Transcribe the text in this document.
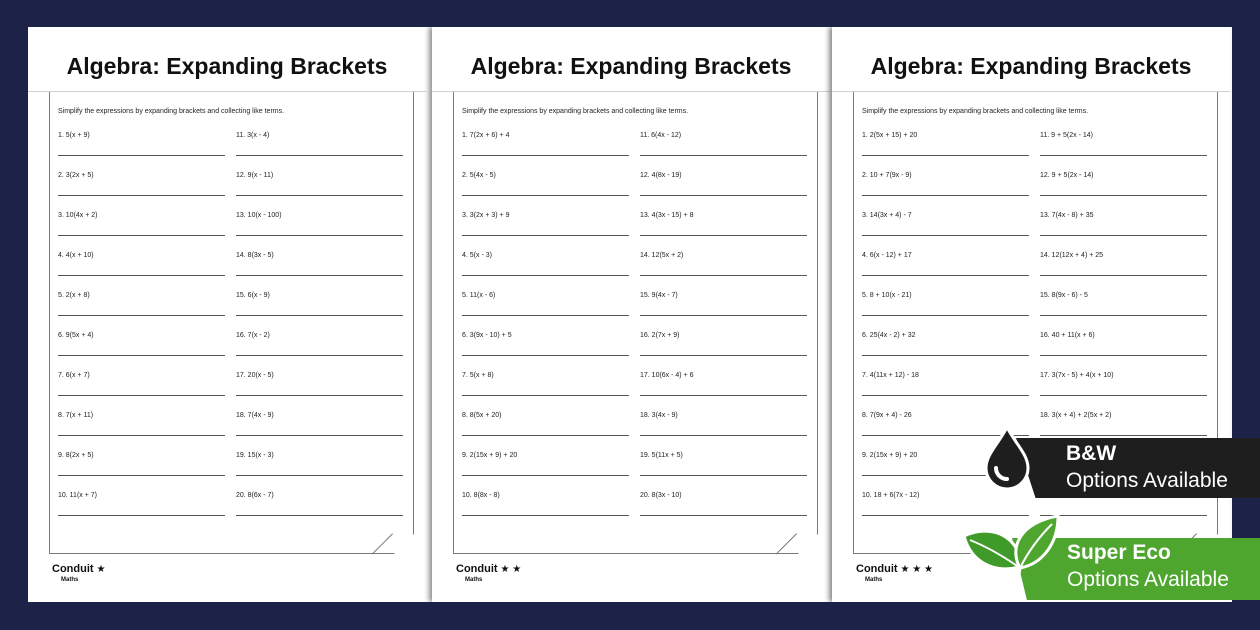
Algebra: Expanding Brackets
Simplify the expressions by expanding brackets and collecting like terms.
1. 5(x + 9)
2. 3(2x + 5)
3. 10(4x + 2)
4. 4(x + 10)
5. 2(x + 8)
6. 9(5x + 4)
7. 6(x + 7)
8. 7(x + 11)
9. 8(2x + 5)
10. 11(x + 7)
11. 3(x - 4)
12. 9(x - 11)
13. 10(x - 100)
14. 8(3x - 5)
15. 6(x - 9)
16. 7(x - 2)
17. 20(x - 5)
18. 7(4x - 9)
19. 15(x - 3)
20. 8(6x - 7)
Conduit ★
Maths
Algebra: Expanding Brackets
Simplify the expressions by expanding brackets and collecting like terms.
1. 7(2x + 6) + 4
2. 5(4x - 5)
3. 3(2x + 3) + 9
4. 5(x - 3)
5. 11(x - 6)
6. 3(9x - 10) + 5
7. 5(x + 8)
8. 8(5x + 20)
9. 2(15x + 9) + 20
10. 8(8x - 8)
11. 6(4x - 12)
12. 4(8x - 19)
13. 4(3x - 15) + 8
14. 12(5x + 2)
15. 9(4x - 7)
16. 2(7x + 9)
17. 10(6x - 4) + 6
18. 3(4x - 9)
19. 5(11x + 5)
20. 8(3x - 10)
Conduit ★ ★
Maths
Algebra: Expanding Brackets
Simplify the expressions by expanding brackets and collecting like terms.
1. 2(5x + 15) + 20
2. 10 + 7(9x - 9)
3. 14(3x + 4) - 7
4. 6(x - 12) + 17
5. 8 + 10(x - 21)
6. 25(4x - 2) + 32
7. 4(11x + 12) - 18
8. 7(9x + 4) - 26
9. 2(15x + 9) + 20
10. 18 + 6(7x - 12)
11. 9 + 5(2x - 14)
12. 9 + 5(2x - 14)
13. 7(4x - 8) + 35
14. 12(12x + 4) + 25
15. 8(9x - 6) - 5
16. 40 + 11(x + 6)
17. 3(7x - 5) + 4(x + 10)
18. 3(x + 4) + 2(5x + 2)
Conduit ★ ★ ★
Maths
B&W
Options Available
Super Eco
Options Available
